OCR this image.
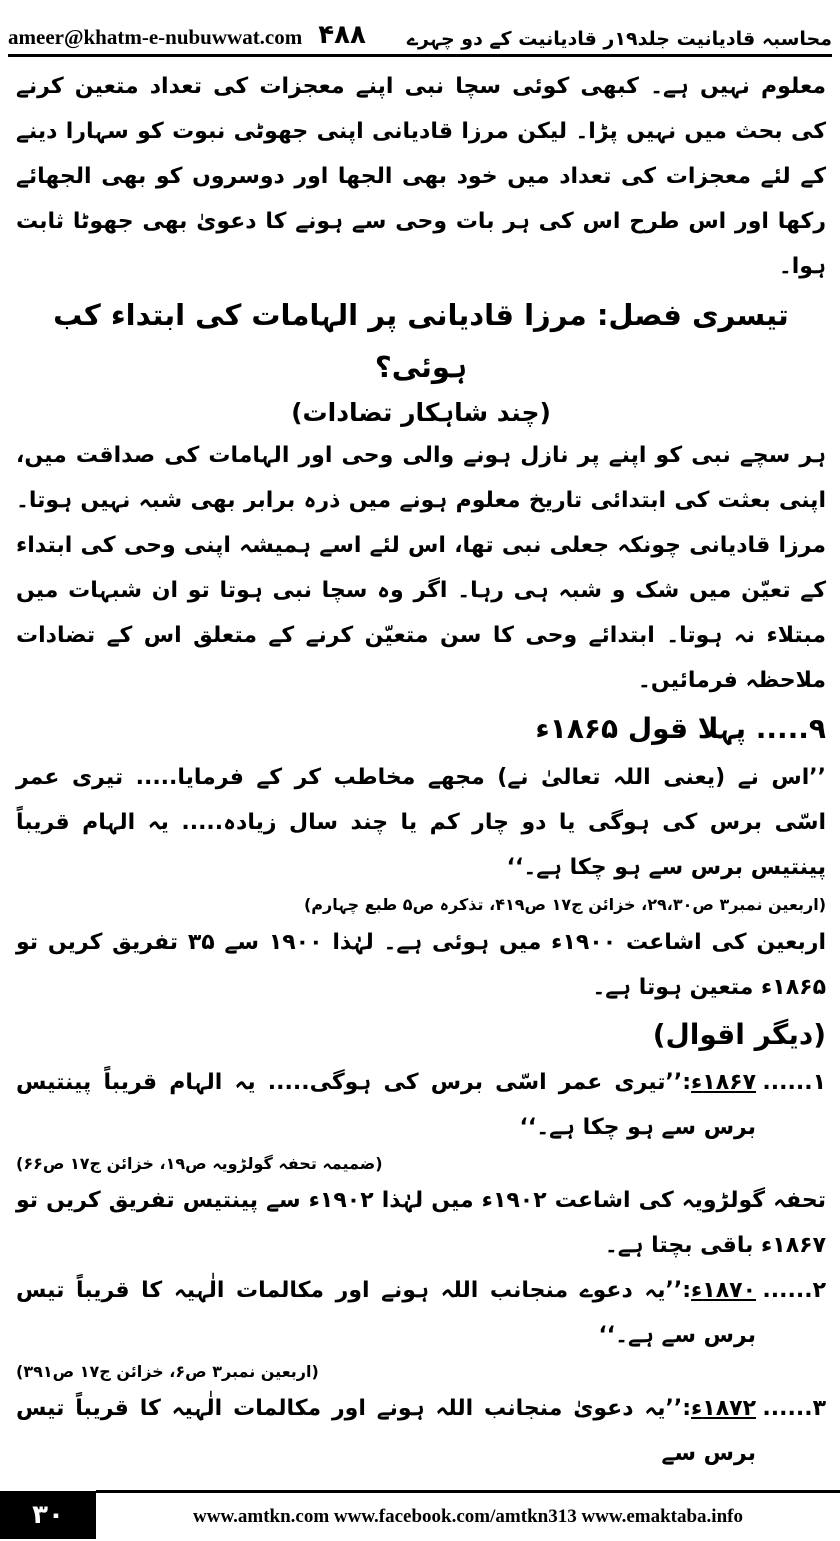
ameer@khatm-e-nubuwwat.com ۴۸۸ محاسبہ قادیانیت جلد۱۹ر قادیانیت کے دو چہرے

معلوم نہیں ہے۔ کبھی کوئی سچا نبی اپنے معجزات کی تعداد متعین کرنے کی بحث میں نہیں پڑا۔ لیکن مرزا قادیانی اپنی جھوٹی نبوت کو سہارا دینے کے لئے معجزات کی تعداد میں خود بھی الجھا اور دوسروں کو بھی الجھائے رکھا اور اس طرح اس کی ہر بات وحی سے ہونے کا دعویٰ بھی جھوٹا ثابت ہوا۔

تیسری فصل: مرزا قادیانی پر الہامات کی ابتداء کب ہوئی؟

(چند شاہکار تضادات)

ہر سچے نبی کو اپنے پر نازل ہونے والی وحی اور الہامات کی صداقت میں، اپنی بعثت کی ابتدائی تاریخ معلوم ہونے میں ذرہ برابر بھی شبہ نہیں ہوتا۔ مرزا قادیانی چونکہ جعلی نبی تھا، اس لئے اسے ہمیشہ اپنی وحی کی ابتداء کے تعیّن میں شک و شبہ ہی رہا۔ اگر وہ سچا نبی ہوتا تو ان شبہات میں مبتلاء نہ ہوتا۔ ابتدائے وحی کا سن متعیّن کرنے کے متعلق اس کے تضادات ملاحظہ فرمائیں۔

۹..... پہلا قول ۱۸۶۵ء

’’اس نے (یعنی اللہ تعالیٰ نے) مجھے مخاطب کر کے فرمایا..... تیری عمر اسّی برس کی ہوگی یا دو چار کم یا چند سال زیادہ..... یہ الہام قریباً پینتیس برس سے ہو چکا ہے۔‘‘

(اربعین نمبر۳ ص۲۹،۳۰، خزائن ج۱۷ ص۴۱۹، تذکرہ ص۵ طبع چہارم)

اربعین کی اشاعت ۱۹۰۰ء میں ہوئی ہے۔ لہٰذا ۱۹۰۰ سے ۳۵ تفریق کریں تو ۱۸۶۵ء متعین ہوتا ہے۔

(دیگر اقوال)

۱......
۱۸۶۷ء:’’تیری عمر اسّی برس کی ہوگی..... یہ الہام قریباً پینتیس برس سے ہو چکا ہے۔‘‘

(ضمیمہ تحفہ گولڑویہ ص۱۹، خزائن ج۱۷ ص۶۶)

تحفہ گولڑویہ کی اشاعت ۱۹۰۲ء میں لہٰذا ۱۹۰۲ء سے پینتیس تفریق کریں تو ۱۸۶۷ء باقی بچتا ہے۔

۲......
۱۸۷۰ء:’’یہ دعوے منجانب اللہ ہونے اور مکالمات الٰہیہ کا قریباً تیس برس سے ہے۔‘‘

(اربعین نمبر۳ ص۶، خزائن ج۱۷ ص۳۹۱)

۳......
۱۸۷۲ء:’’یہ دعویٰ منجانب اللہ ہونے اور مکالمات الٰہیہ کا قریباً تیس برس سے
۳۰	www.amtkn.com www.facebook.com/amtkn313 www.emaktaba.info
